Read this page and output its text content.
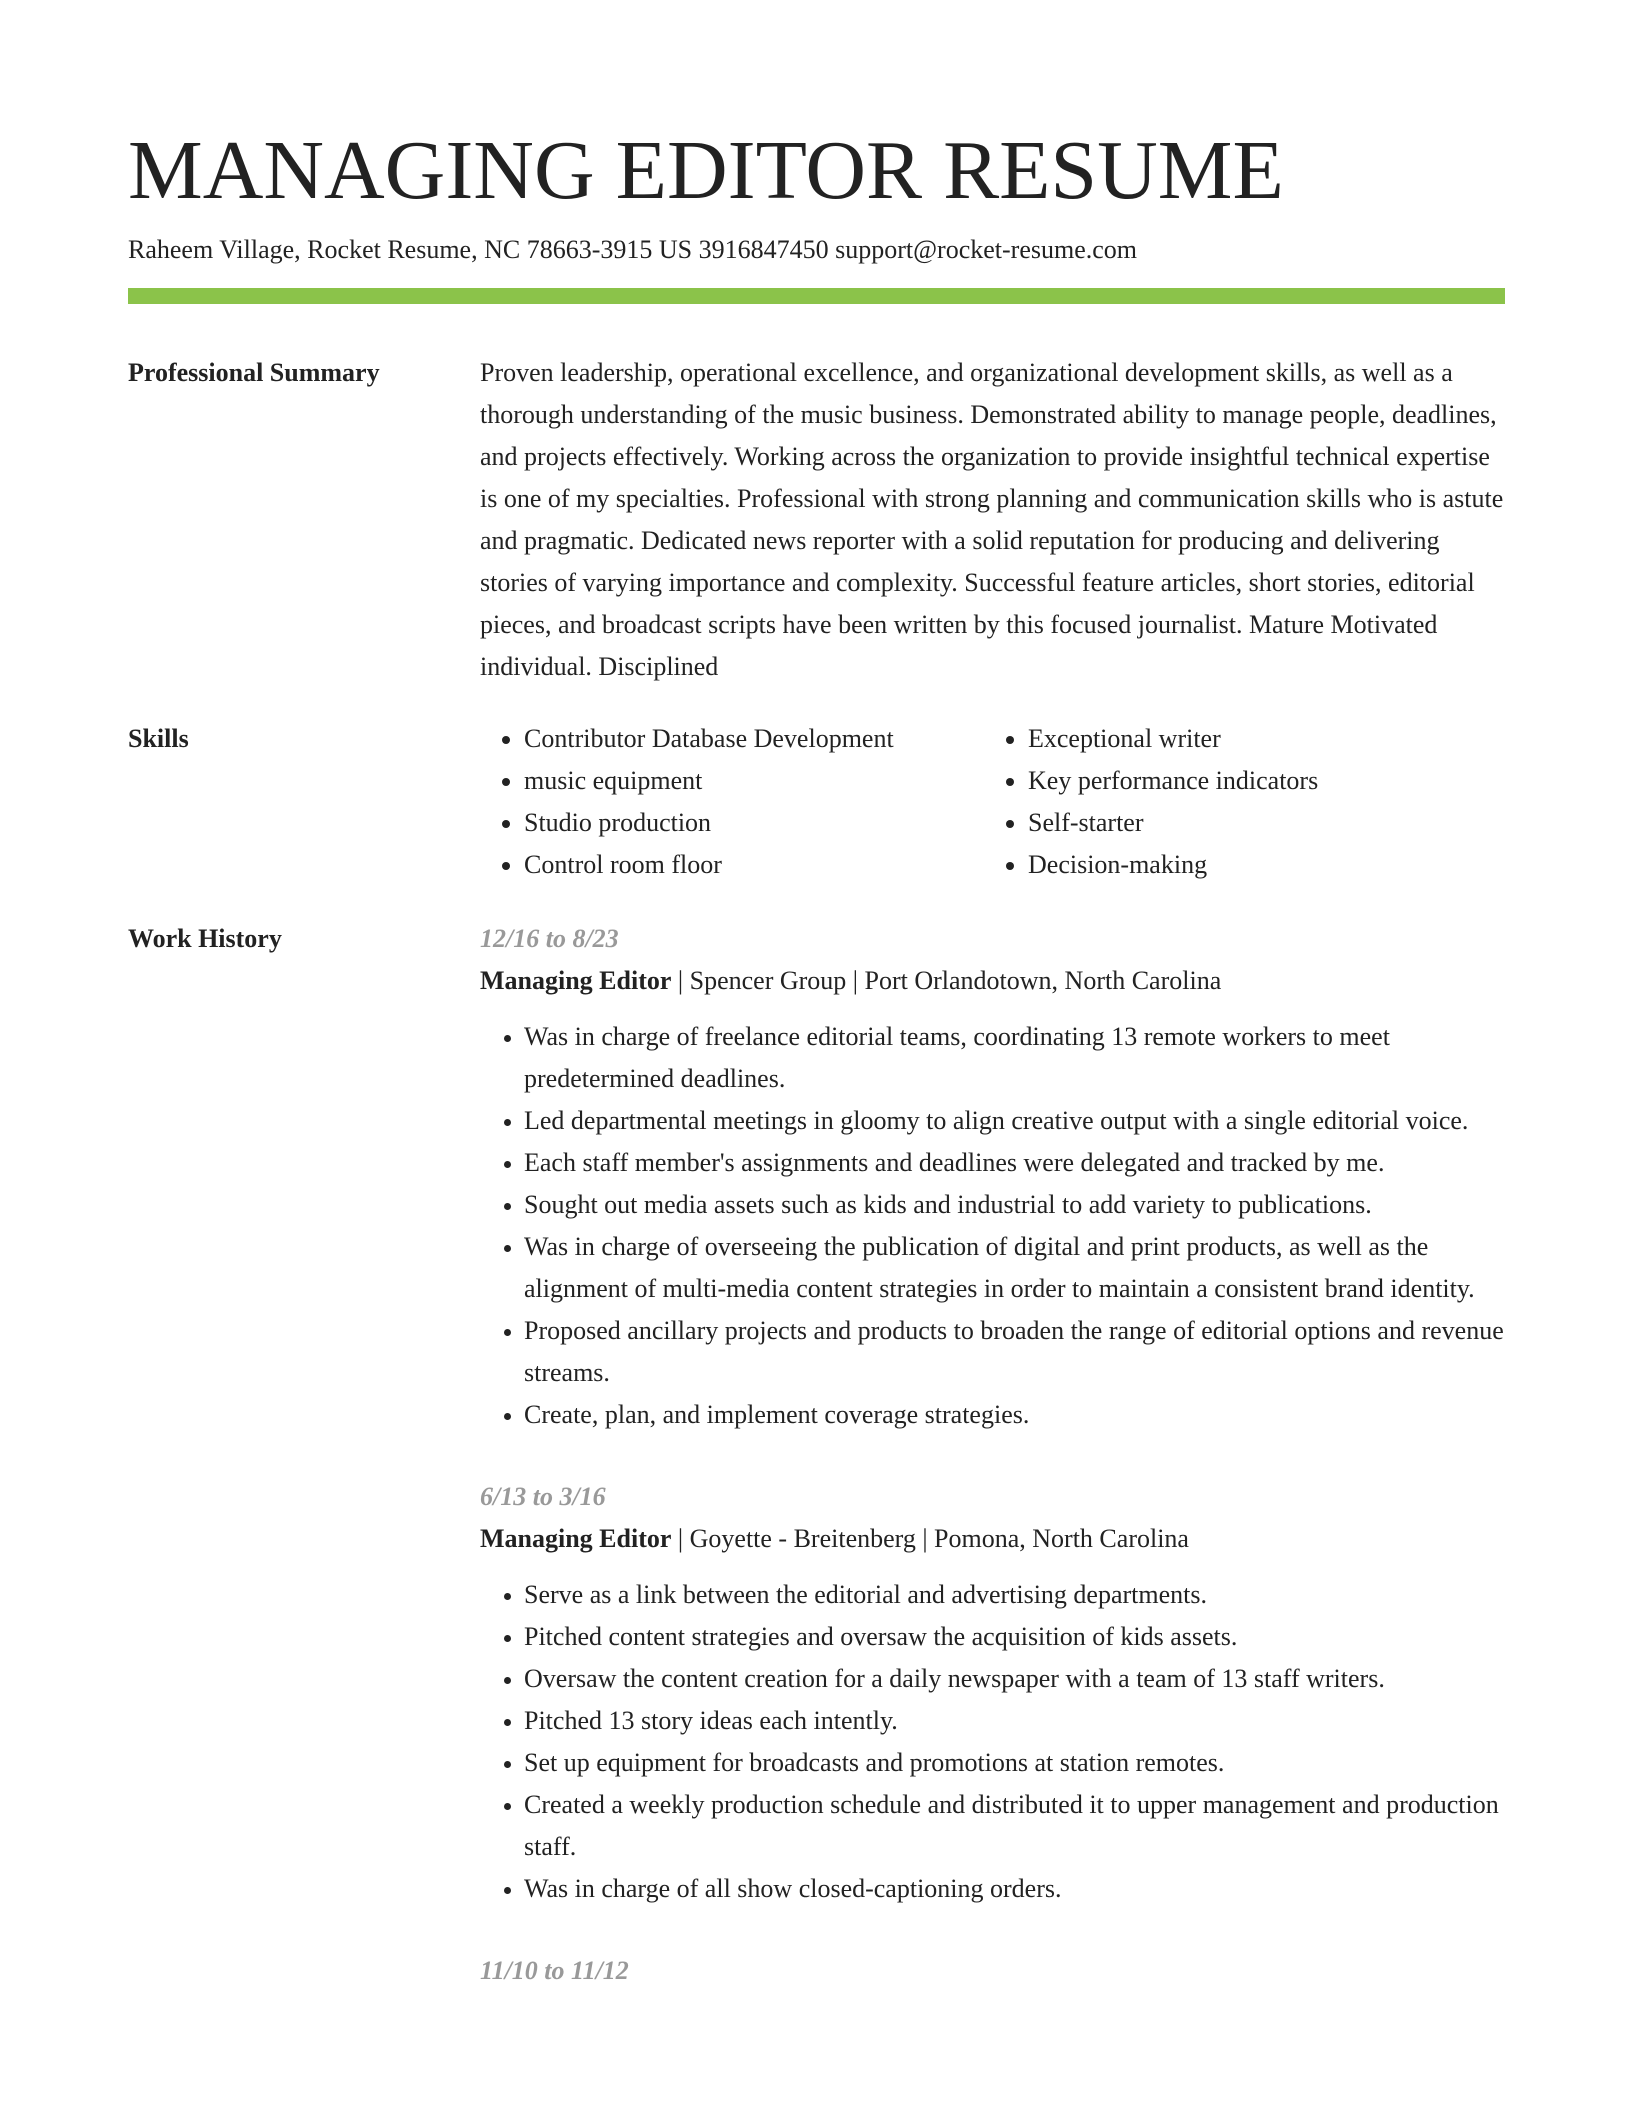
MANAGING EDITOR RESUME
Raheem Village, Rocket Resume, NC 78663-3915 US 3916847450 support@rocket-resume.com
Professional Summary	Proven leadership, operational excellence, and organizational development skills, as well as a thorough understanding of the music business. Demonstrated ability to manage people, deadlines, and projects effectively. Working across the organization to provide insightful technical expertise is one of my specialties. Professional with strong planning and communication skills who is astute and pragmatic. Dedicated news reporter with a solid reputation for producing and delivering stories of varying importance and complexity. Successful feature articles, short stories, editorial pieces, and broadcast scripts have been written by this focused journalist. Mature Motivated individual. Disciplined

Skills
•	Contributor Database Development
• music equipment
• Studio production
• Control room floor
• Exceptional writer
• Key performance indicators
• Self-starter
• Decision-making
Work History	12/16 to 8/23
Managing Editor | Spencer Group | Port Orlandotown, North Carolina
• Was in charge of freelance editorial teams, coordinating 13 remote workers to meet predetermined deadlines.
• Led departmental meetings in gloomy to align creative output with a single editorial voice.
• Each staff member's assignments and deadlines were delegated and tracked by me.
• Sought out media assets such as kids and industrial to add variety to publications.
• Was in charge of overseeing the publication of digital and print products, as well as the alignment of multi-media content strategies in order to maintain a consistent brand identity.
• Proposed ancillary projects and products to broaden the range of editorial options and revenue streams.
• Create, plan, and implement coverage strategies.
6/13 to 3/16
Managing Editor | Goyette - Breitenberg | Pomona, North Carolina
• Serve as a link between the editorial and advertising departments.
• Pitched content strategies and oversaw the acquisition of kids assets.
• Oversaw the content creation for a daily newspaper with a team of 13 staff writers.
• Pitched 13 story ideas each intently.
• Set up equipment for broadcasts and promotions at station remotes.
• Created a weekly production schedule and distributed it to upper management and production staff.
• Was in charge of all show closed-captioning orders.
11/10 to 11/12
